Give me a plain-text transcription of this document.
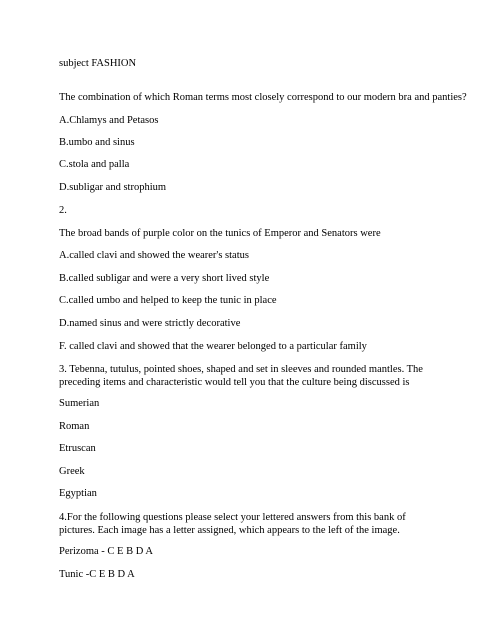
subject FASHION

The combination of which Roman terms most closely correspond to our modern bra and panties?

A.Chlamys and Petasos

B.umbo and sinus

C.stola and palla

D.subligar and strophium

2.

The broad bands of purple color on the tunics of Emperor and Senators were

A.called clavi and showed the wearer's status

B.called subligar and were a very short lived style

C.called umbo and helped to keep the tunic in place

D.named sinus and were strictly decorative

F. called clavi and showed that the wearer belonged to a particular family

3. Tebenna, tutulus, pointed shoes, shaped and set in sleeves and rounded mantles. The preceding items and characteristic would tell you that the culture being discussed is

Sumerian

Roman

Etruscan

Greek

Egyptian

4.For the following questions please select your lettered answers from this bank of pictures. Each image has a letter assigned, which appears to the left of the image.

Perizoma - C E B D A

Tunic -C E B D A
